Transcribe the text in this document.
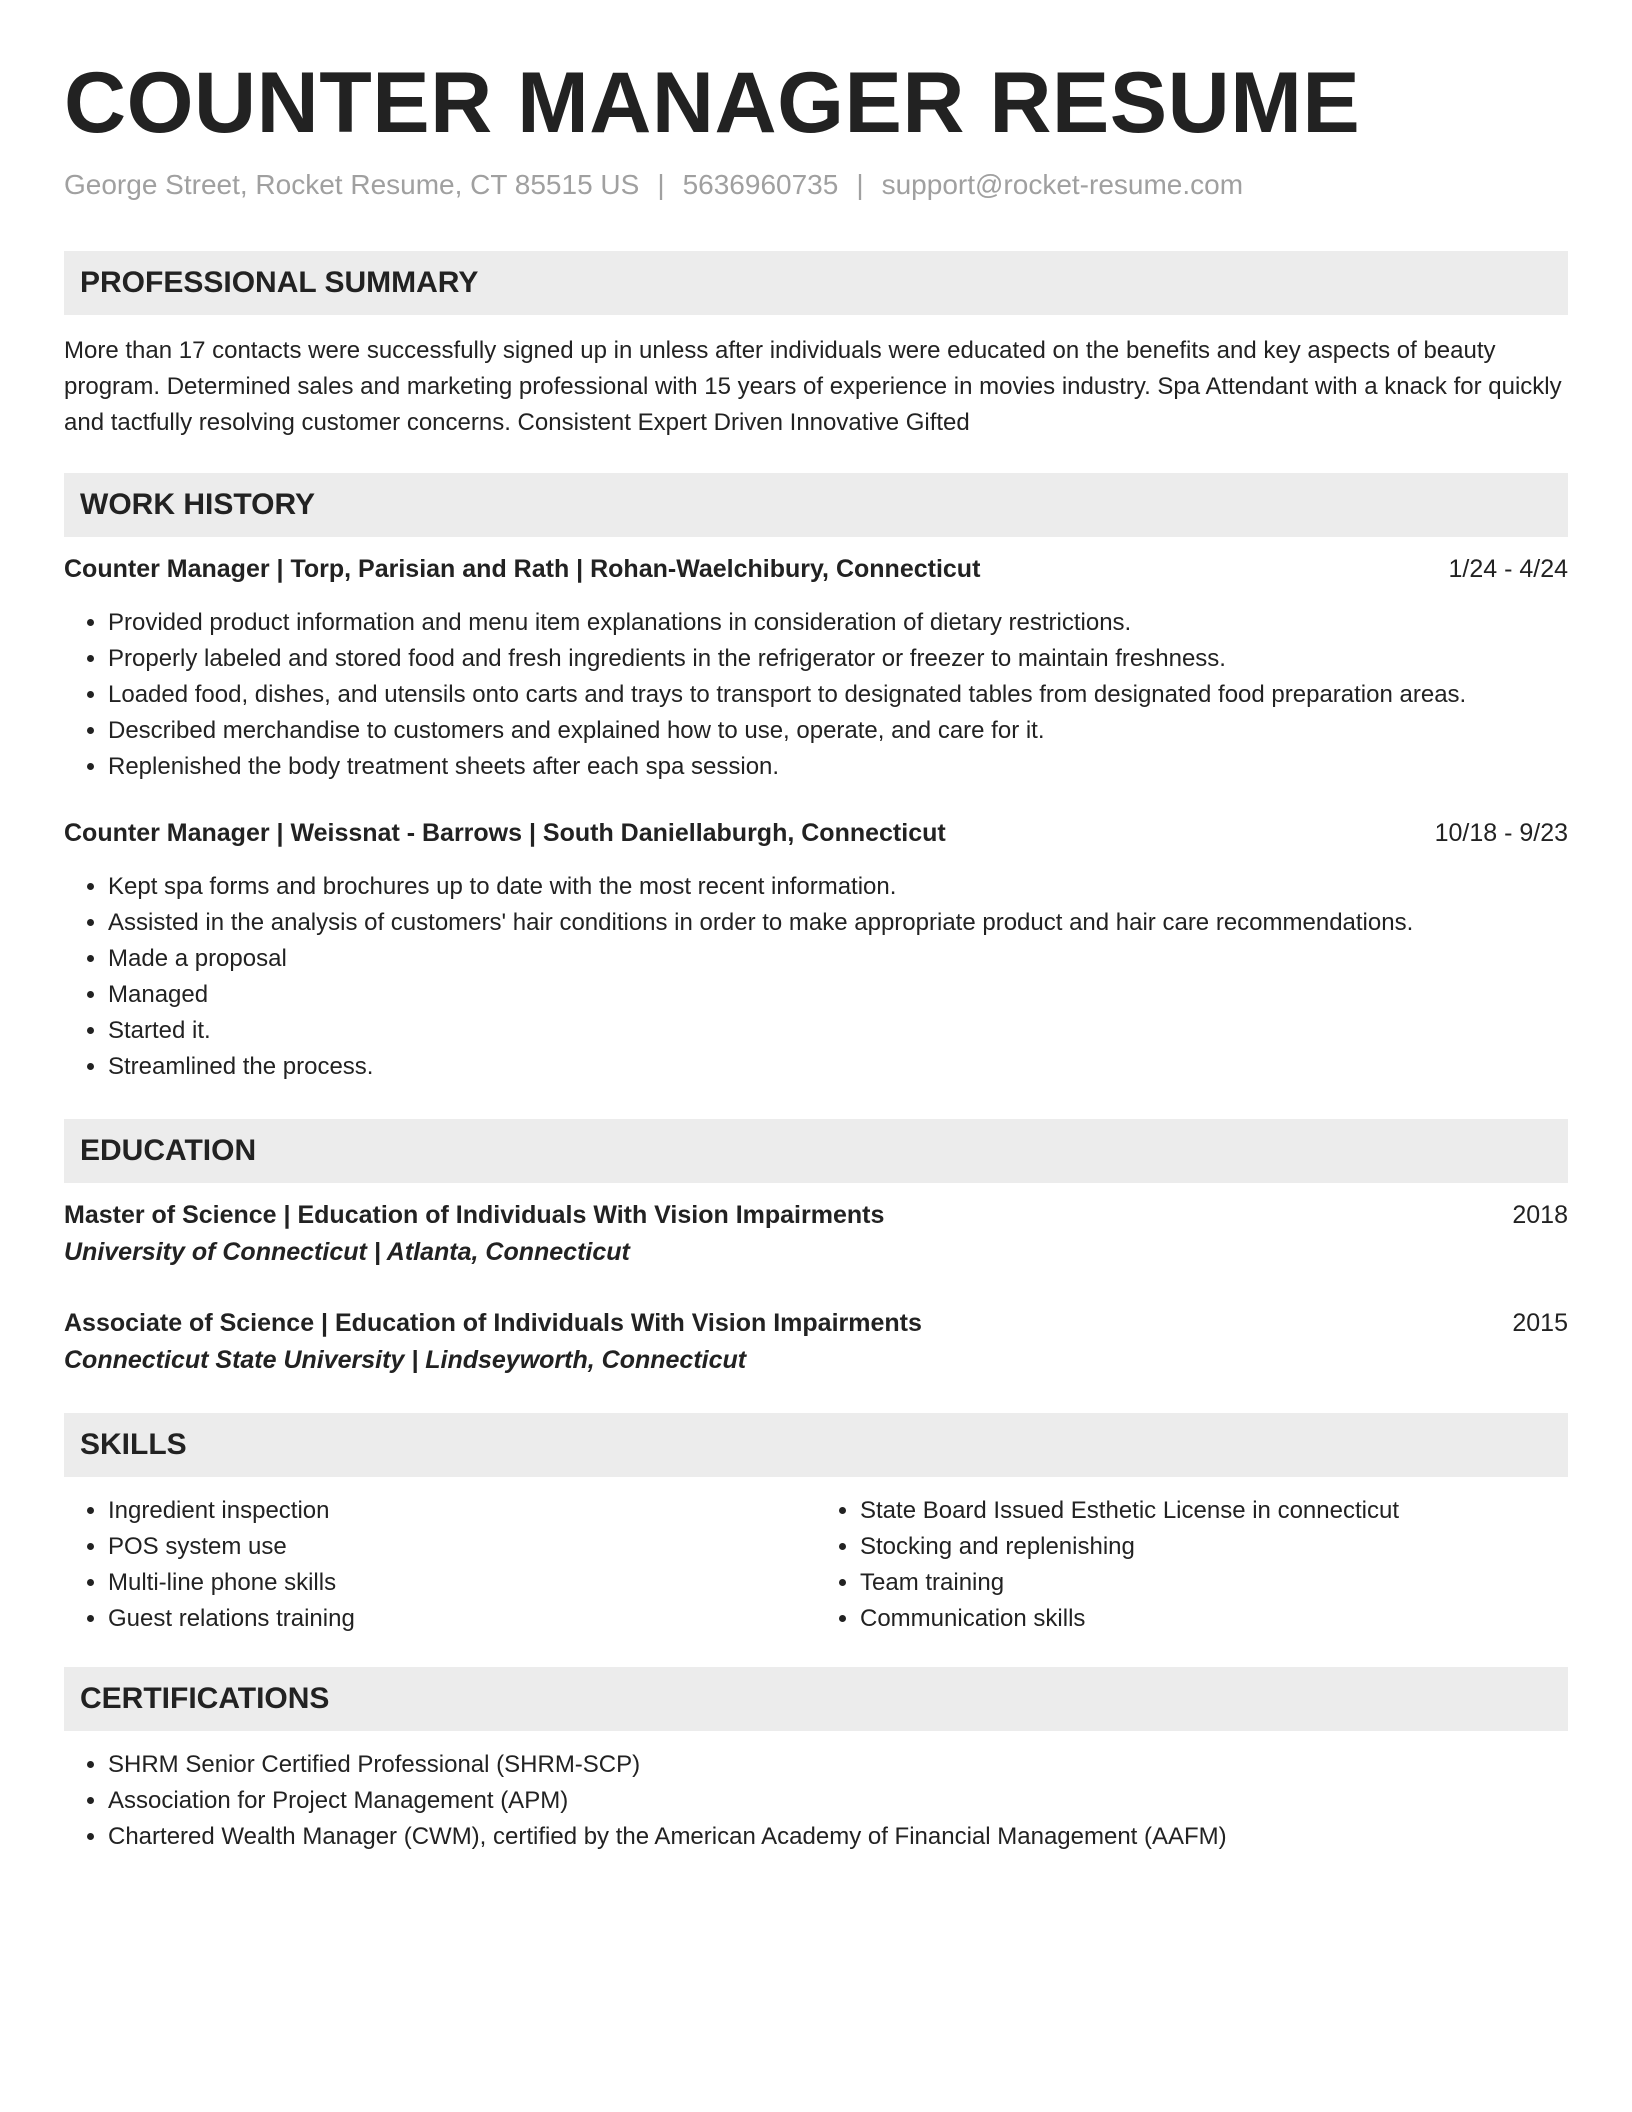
COUNTER MANAGER RESUME
George Street, Rocket Resume, CT 85515 US | 5636960735 | support@rocket-resume.com
PROFESSIONAL SUMMARY
More than 17 contacts were successfully signed up in unless after individuals were educated on the benefits and key aspects of beauty program. Determined sales and marketing professional with 15 years of experience in movies industry. Spa Attendant with a knack for quickly and tactfully resolving customer concerns. Consistent Expert Driven Innovative Gifted
WORK HISTORY
Counter Manager | Torp, Parisian and Rath | Rohan-Waelchibury, Connecticut	1/24 - 4/24
• Provided product information and menu item explanations in consideration of dietary restrictions.
• Properly labeled and stored food and fresh ingredients in the refrigerator or freezer to maintain freshness.
• Loaded food, dishes, and utensils onto carts and trays to transport to designated tables from designated food preparation areas.
• Described merchandise to customers and explained how to use, operate, and care for it.
• Replenished the body treatment sheets after each spa session.
Counter Manager | Weissnat - Barrows | South Daniellaburgh, Connecticut	10/18 - 9/23
• Kept spa forms and brochures up to date with the most recent information.
• Assisted in the analysis of customers' hair conditions in order to make appropriate product and hair care recommendations.
• Made a proposal
• Managed
• Started it.
• Streamlined the process.
EDUCATION
Master of Science | Education of Individuals With Vision Impairments	2018
University of Connecticut | Atlanta, Connecticut
Associate of Science | Education of Individuals With Vision Impairments	2015
Connecticut State University | Lindseyworth, Connecticut
SKILLS
• Ingredient inspection
• POS system use
• Multi-line phone skills
• Guest relations training
• State Board Issued Esthetic License in connecticut
• Stocking and replenishing
• Team training
• Communication skills
CERTIFICATIONS
• SHRM Senior Certified Professional (SHRM-SCP)
• Association for Project Management (APM)
• Chartered Wealth Manager (CWM), certified by the American Academy of Financial Management (AAFM)
